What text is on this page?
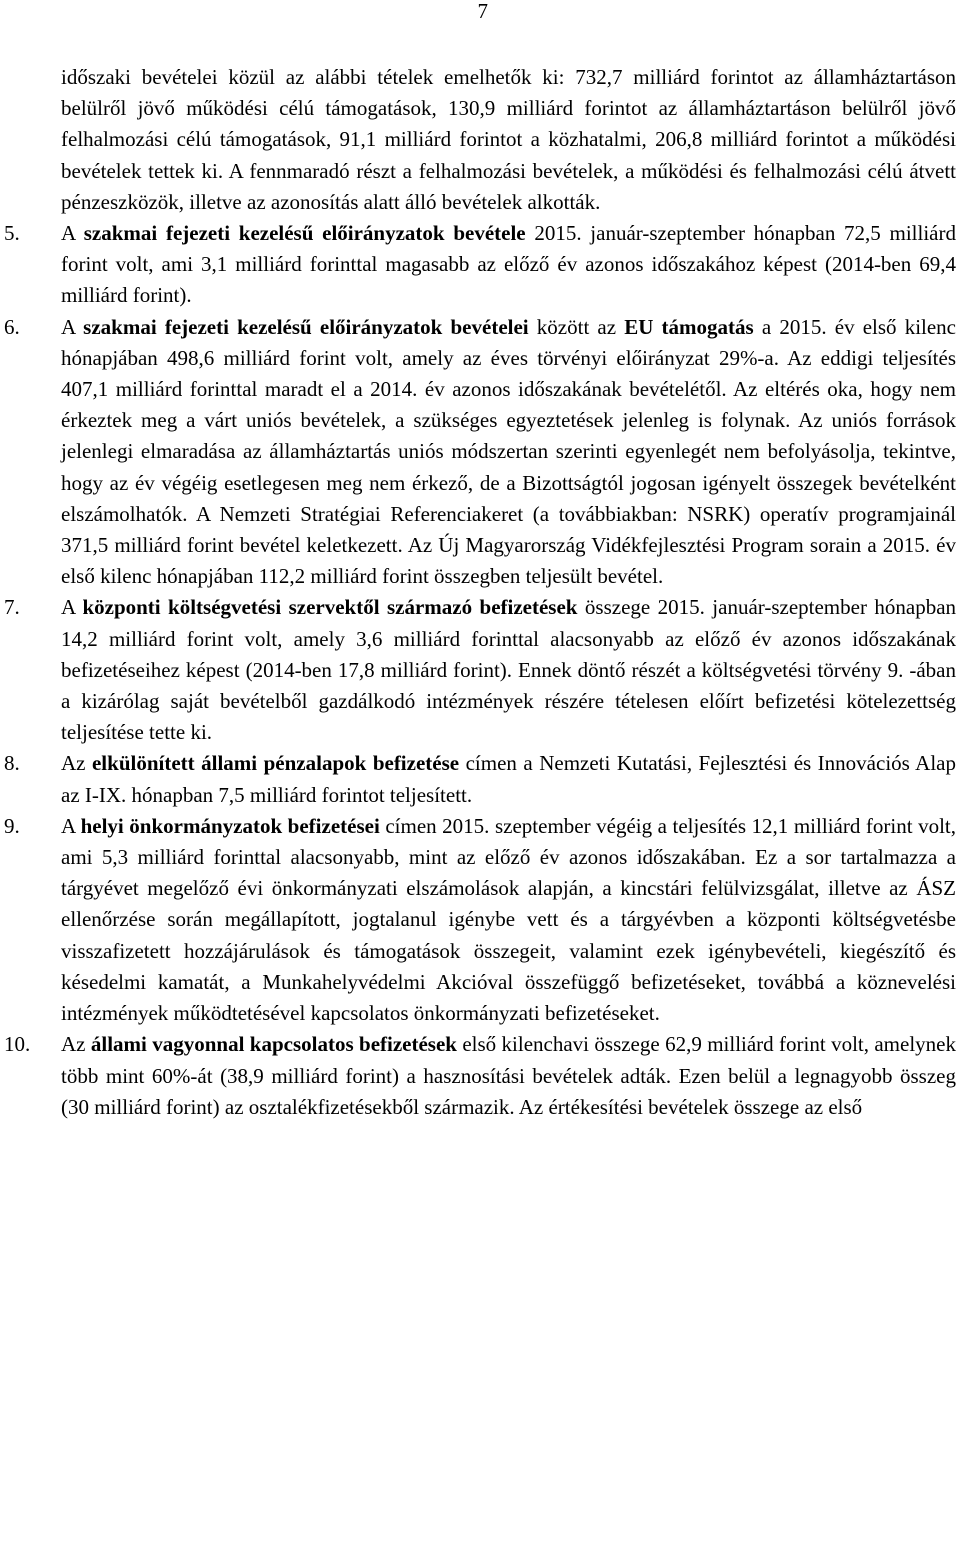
7

időszaki bevételei közül az alábbi tételek emelhetők ki: 732,7 milliárd forintot az államháztartáson belülről jövő működési célú támogatások, 130,9 milliárd forintot az államháztartáson belülről jövő felhalmozási célú támogatások, 91,1 milliárd forintot a közhatalmi, 206,8 milliárd forintot a működési bevételek tettek ki. A fennmaradó részt a felhalmozási bevételek, a működési és felhalmozási célú átvett pénzeszközök, illetve az azonosítás alatt álló bevételek alkották.

5. A szakmai fejezeti kezelésű előirányzatok bevétele 2015. január-szeptember hónapban 72,5 milliárd forint volt, ami 3,1 milliárd forinttal magasabb az előző év azonos időszakához képest (2014-ben 69,4 milliárd forint).

6. A szakmai fejezeti kezelésű előirányzatok bevételei között az EU támogatás a 2015. év első kilenc hónapjában 498,6 milliárd forint volt, amely az éves törvényi előirányzat 29%-a. Az eddigi teljesítés 407,1 milliárd forinttal maradt el a 2014. év azonos időszakának bevételétől. Az eltérés oka, hogy nem érkeztek meg a várt uniós bevételek, a szükséges egyeztetések jelenleg is folynak. Az uniós források jelenlegi elmaradása az államháztartás uniós módszertan szerinti egyenlegét nem befolyásolja, tekintve, hogy az év végéig esetlegesen meg nem érkező, de a Bizottságtól jogosan igényelt összegek bevételként elszámolhatók. A Nemzeti Stratégiai Referenciakeret (a továbbiakban: NSRK) operatív programjainál 371,5 milliárd forint bevétel keletkezett. Az Új Magyarország Vidékfejlesztési Program sorain a 2015. év első kilenc hónapjában 112,2 milliárd forint összegben teljesült bevétel.

7. A központi költségvetési szervektől származó befizetések összege 2015. január-szeptember hónapban 14,2 milliárd forint volt, amely 3,6 milliárd forinttal alacsonyabb az előző év azonos időszakának befizetéseihez képest (2014-ben 17,8 milliárd forint). Ennek döntő részét a költségvetési törvény 9. -ában a kizárólag saját bevételből gazdálkodó intézmények részére tételesen előírt befizetési kötelezettség teljesítése tette ki.

8. Az elkülönített állami pénzalapok befizetése címen a Nemzeti Kutatási, Fejlesztési és Innovációs Alap az I-IX. hónapban 7,5 milliárd forintot teljesített.

9. A helyi önkormányzatok befizetései címen 2015. szeptember végéig a teljesítés 12,1 milliárd forint volt, ami 5,3 milliárd forinttal alacsonyabb, mint az előző év azonos időszakában. Ez a sor tartalmazza a tárgyévet megelőző évi önkormányzati elszámolások alapján, a kincstári felülvizsgálat, illetve az ÁSZ ellenőrzése során megállapított, jogtalanul igénybe vett és a tárgyévben a központi költségvetésbe visszafizetett hozzájárulások és támogatások összegeit, valamint ezek igénybevételi, kiegészítő és késedelmi kamatát, a Munkahelyvédelmi Akcióval összefüggő befizetéseket, továbbá a köznevelési intézmények működtetésével kapcsolatos önkormányzati befizetéseket.

10. Az állami vagyonnal kapcsolatos befizetések első kilenchavi összege 62,9 milliárd forint volt, amelynek több mint 60%-át (38,9 milliárd forint) a hasznosítási bevételek adták. Ezen belül a legnagyobb összeg (30 milliárd forint) az osztalékfizetésekből származik. Az értékesítési bevételek összege az első
